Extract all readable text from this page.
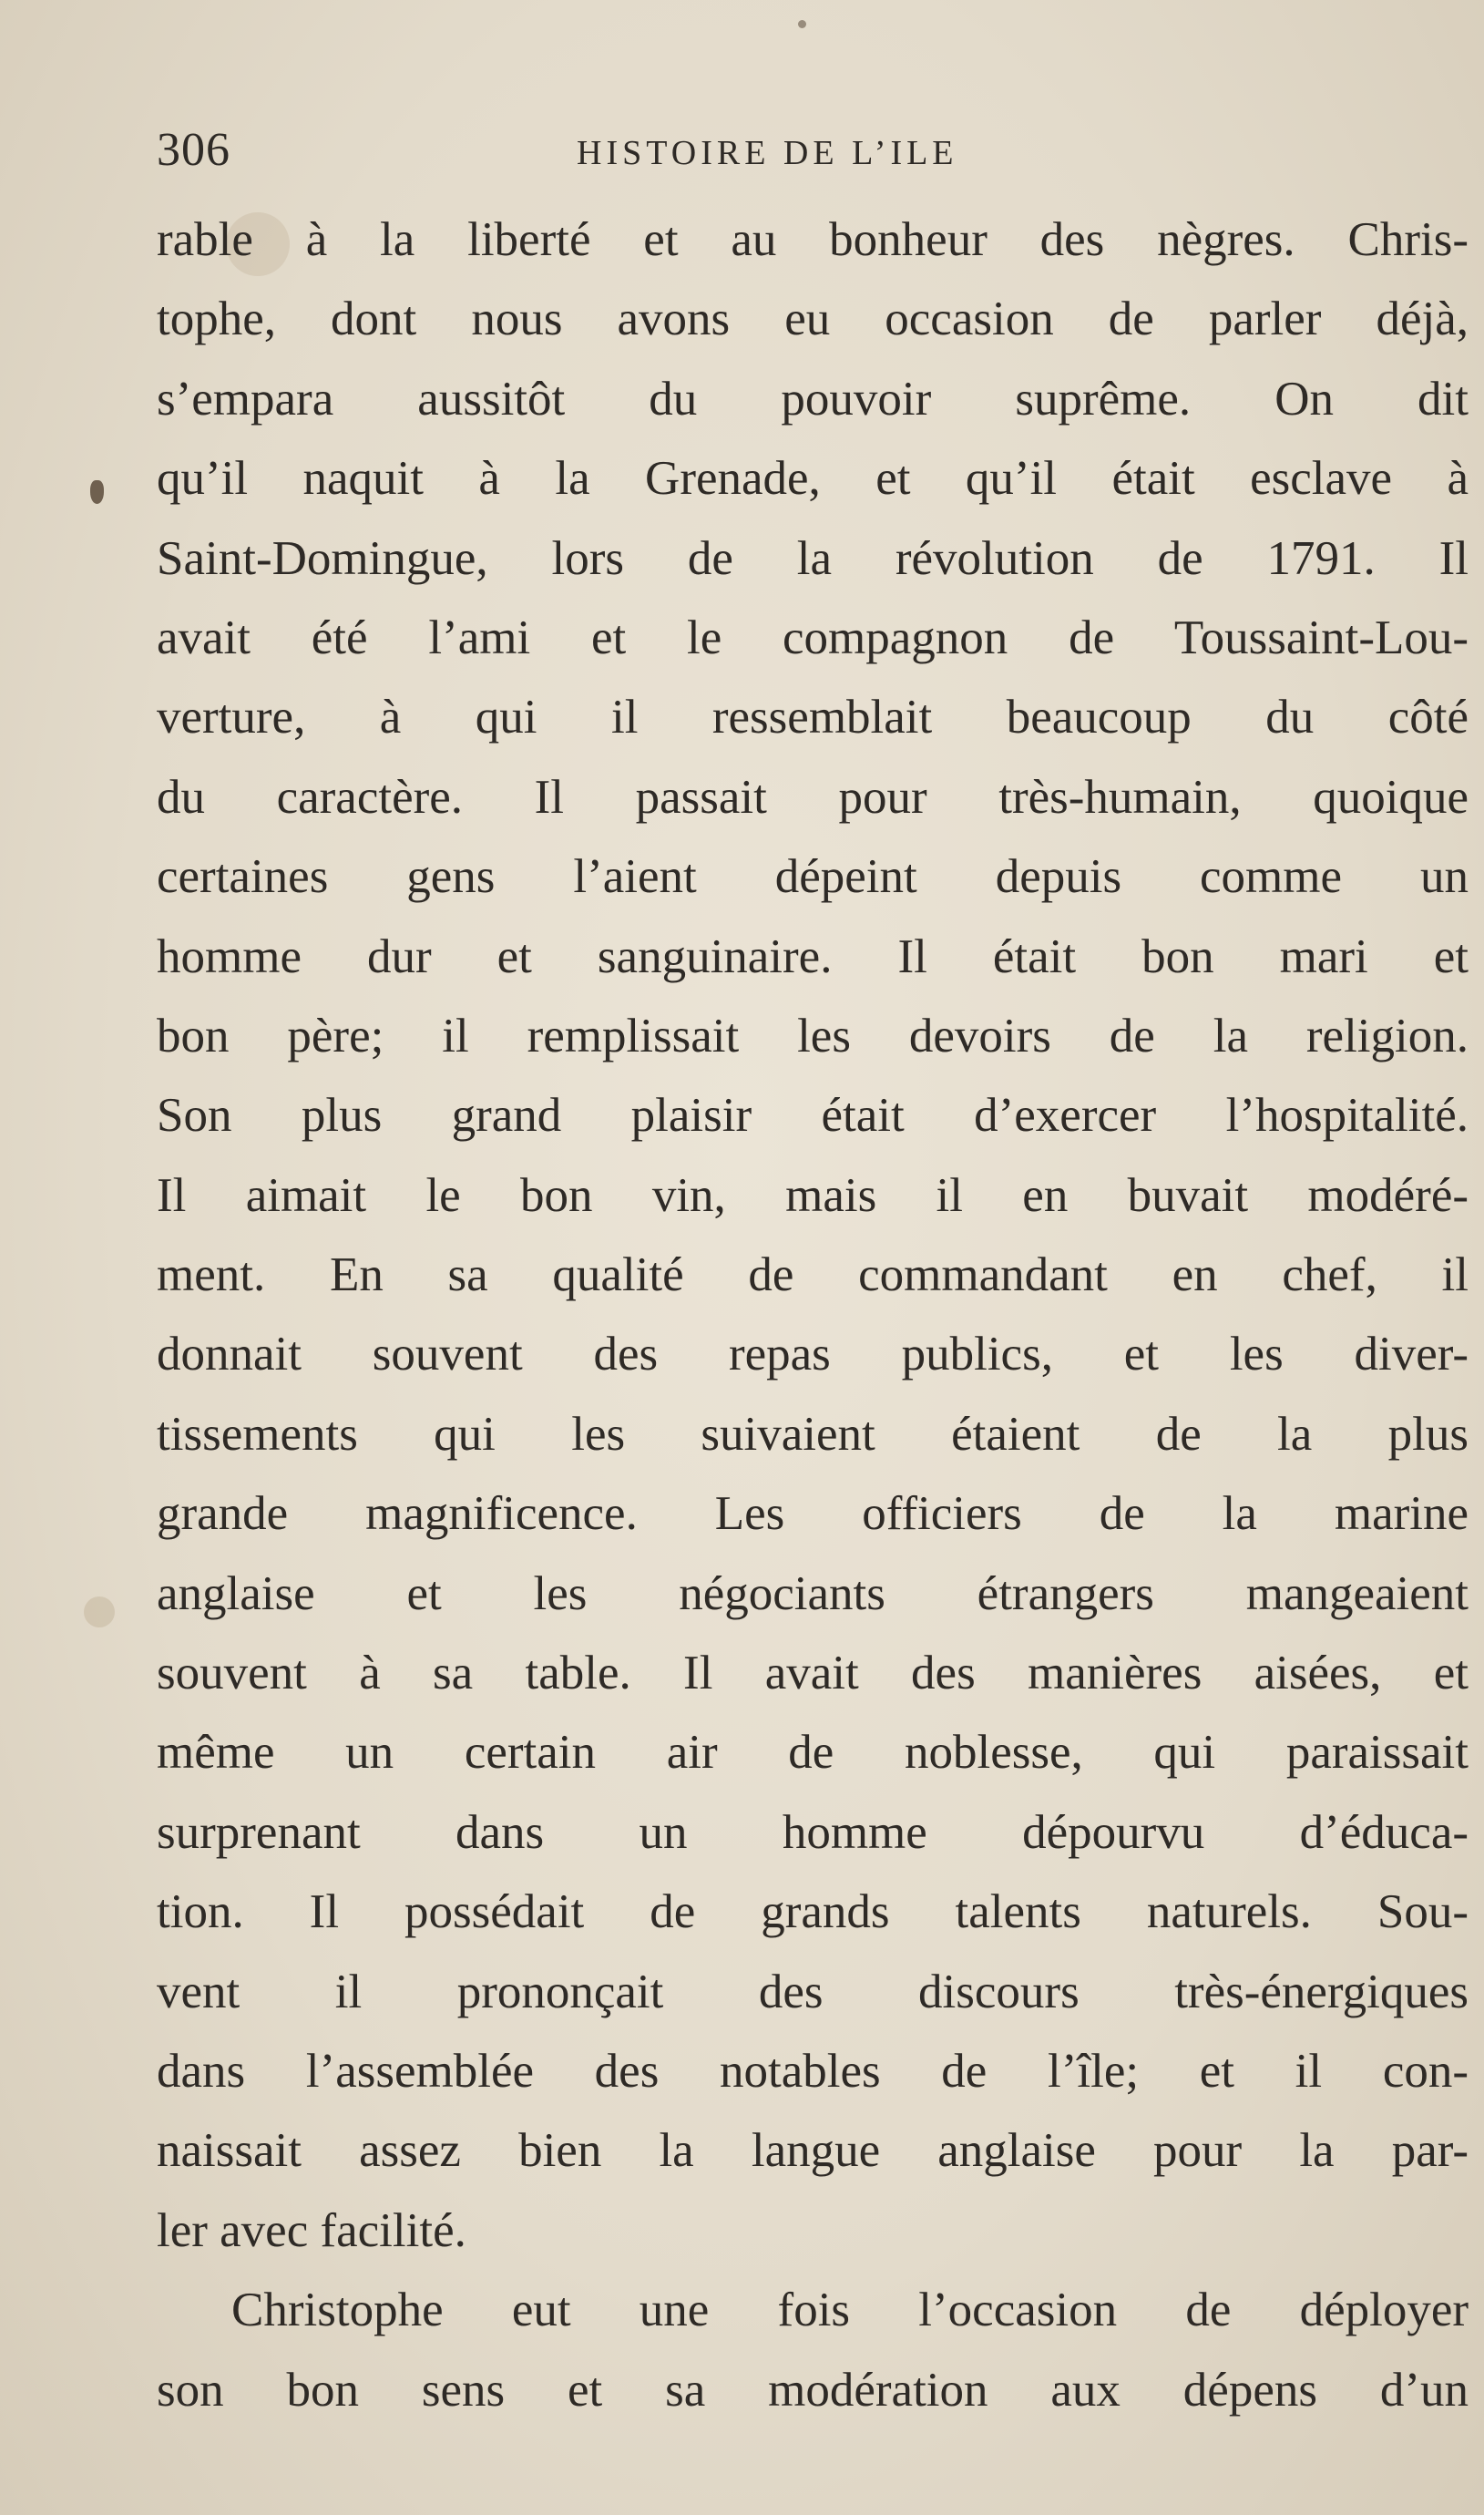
306	HISTOIRE DE L’ILE
rable à la liberté et au bonheur des nègres. Chris-
tophe, dont nous avons eu occasion de parler déjà,
s’empara aussitôt du pouvoir suprême. On dit
qu’il naquit à la Grenade, et qu’il était esclave à
Saint-Domingue, lors de la révolution de 1791. Il
avait été l’ami et le compagnon de Toussaint-Lou-
verture, à qui il ressemblait beaucoup du côté
du caractère. Il passait pour très-humain, quoique
certaines gens l’aient dépeint depuis comme un
homme dur et sanguinaire. Il était bon mari et
bon père; il remplissait les devoirs de la religion.
Son plus grand plaisir était d’exercer l’hospitalité.
Il aimait le bon vin, mais il en buvait modéré-
ment. En sa qualité de commandant en chef, il
donnait souvent des repas publics, et les diver-
tissements qui les suivaient étaient de la plus
grande magnificence. Les officiers de la marine
anglaise et les négociants étrangers mangeaient
souvent à sa table. Il avait des manières aisées, et
même un certain air de noblesse, qui paraissait
surprenant dans un homme dépourvu d’éduca-
tion. Il possédait de grands talents naturels. Sou-
vent il prononçait des discours très-énergiques
dans l’assemblée des notables de l’île; et il con-
naissait assez bien la langue anglaise pour la par-
ler avec facilité.
Christophe eut une fois l’occasion de déployer
son bon sens et sa modération aux dépens d’un
